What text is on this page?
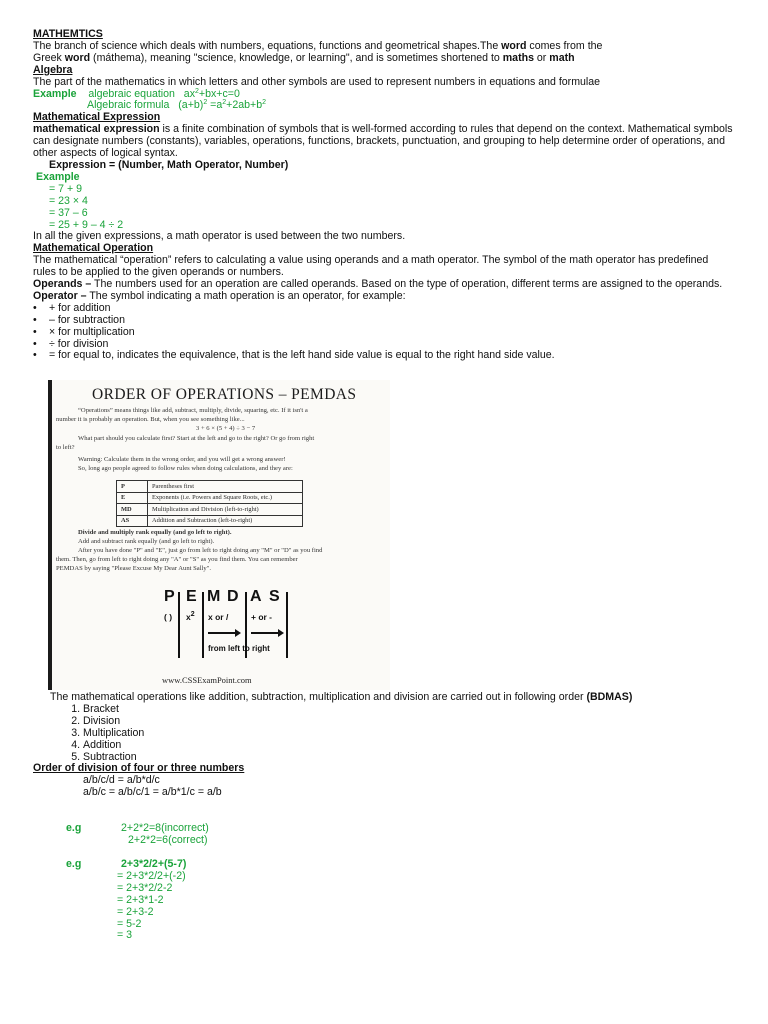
MATHEMTICS
The branch of science which deals with numbers, equations, functions and geometrical shapes.The word comes from the
Greek word (máthema), meaning "science, knowledge, or learning", and is sometimes shortened to maths or math
Algebra
The part of the mathematics in which letters and other symbols are used to represent numbers in equations and formulae
Example algebraic equation $ax^2+bx+c=0$
Algebraic formula $(a+b)^2 =a^2+2ab+b^2$
Mathematical Expression
mathematical expression is a finite combination of symbols that is well-formed according to rules that depend on the context. Mathematical symbols can designate numbers (constants), variables, operations, functions, brackets, punctuation, and grouping to help determine order of operations, and other aspects of logical syntax.
Expression = (Number, Math Operator, Number)
Example
= 7 + 9
= 23 × 4
= 37 – 6
= 25 + 9 – 4 ÷ 2
In all the given expressions, a math operator is used between the two numbers.
Mathematical Operation
The mathematical “operation” refers to calculating a value using operands and a math operator. The symbol of the math operator has predefined rules to be applied to the given operands or numbers.
Operands – The numbers used for an operation are called operands. Based on the type of operation, different terms are assigned to the operands.
Operator – The symbol indicating a math operation is an operator, for example:
• + for addition
• – for subtraction
• × for multiplication
• ÷ for division
• = for equal to, indicates the equivalence, that is the left hand side value is equal to the right hand side value.
ORDER OF OPERATIONS – PEMDAS
“Operations” means things like add, subtract, multiply, divide, squaring, etc. If it isn't a
number it is probably an operation. But, when you see something like...
3 + 6 × (5 + 4) ÷ 3 − 7
What part should you calculate first? Start at the left and go to the right? Or go from right
to left?
Warning: Calculate them in the wrong order, and you will get a wrong answer!
So, long ago people agreed to follow rules when doing calculations, and they are:
P	Parentheses first
E	Exponents (i.e. Powers and Square Roots, etc.)
MD	Multiplication and Division (left-to-right)
AS	Addition and Subtraction (left-to-right)
Divide and multiply rank equally (and go left to right).
Add and subtract rank equally (and go left to right).
After you have done "P" and "E", just go from left to right doing any "M" or "D" as you find
them. Then, go from left to right doing any "A" or "S" as you find them. You can remember
PEMDAS by saying "Please Excuse My Dear Aunt Sally".
P E M D A S
( ) $x^2$ x or /	+ or -
from left to right
www.CSSExamPoint.com
The mathematical operations like addition, subtraction, multiplication and division are carried out in following order (BDMAS)
1. Bracket
2. Division
3. Multiplication
4. Addition
5. Subtraction
Order of division of four or three numbers
a/b/c/d = a/b*d/c
a/b/c = a/b/c/1 = a/b*1/c = a/b
e.g	2+2*2=8(incorrect)
2+2*2=6(correct)
e.g	2+3*2/2+(5-7)
= 2+3*2/2+(-2)
= 2+3*2/2-2
= 2+3*1-2
= 2+3-2
= 5-2
= 3
